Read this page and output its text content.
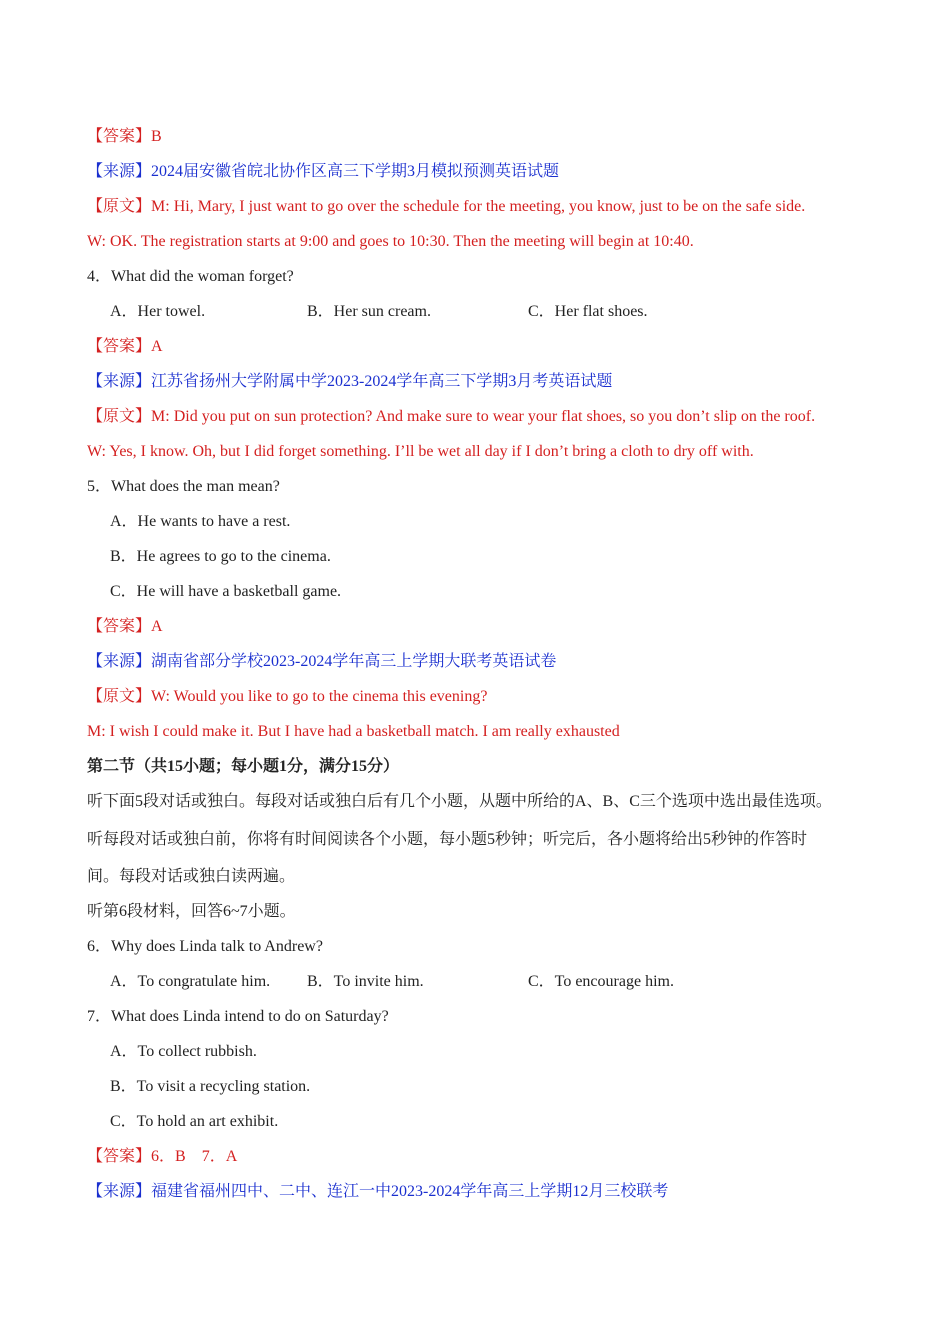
【答案】B
【来源】2024届安徽省皖北协作区高三下学期3月模拟预测英语试题
【原文】M: Hi, Mary, I just want to go over the schedule for the meeting, you know, just to be on the safe side.
W: OK. The registration starts at 9:00 and goes to 10:30. Then the meeting will begin at 10:40.
4．What did the woman forget?
A．Her towel.	B．Her sun cream.	C．Her flat shoes.
【答案】A
【来源】江苏省扬州大学附属中学2023-2024学年高三下学期3月考英语试题
【原文】M: Did you put on sun protection? And make sure to wear your flat shoes, so you don’t slip on the roof.
W: Yes, I know. Oh, but I did forget something. I’ll be wet all day if I don’t bring a cloth to dry off with.
5．What does the man mean?
A．He wants to have a rest.
B．He agrees to go to the cinema.
C．He will have a basketball game.
【答案】A
【来源】湖南省部分学校2023-2024学年高三上学期大联考英语试卷
【原文】W: Would you like to go to the cinema this evening?
M: I wish I could make it. But I have had a basketball match. I am really exhausted
第二节（共15小题；每小题1分，满分15分）
听下面5段对话或独白。每段对话或独白后有几个小题，从题中所给的A、B、C三个选项中选出最佳选项。
听每段对话或独白前，你将有时间阅读各个小题，每小题5秒钟；听完后，各小题将给出5秒钟的作答时
间。每段对话或独白读两遍。
听第6段材料，回答6~7小题。
6．Why does Linda talk to Andrew?
A．To congratulate him. B．To invite him.	C．To encourage him.
7．What does Linda intend to do on Saturday?
A．To collect rubbish.
B．To visit a recycling station.
C．To hold an art exhibit.
【答案】6．B　7．A
【来源】福建省福州四中、二中、连江一中2023-2024学年高三上学期12月三校联考
